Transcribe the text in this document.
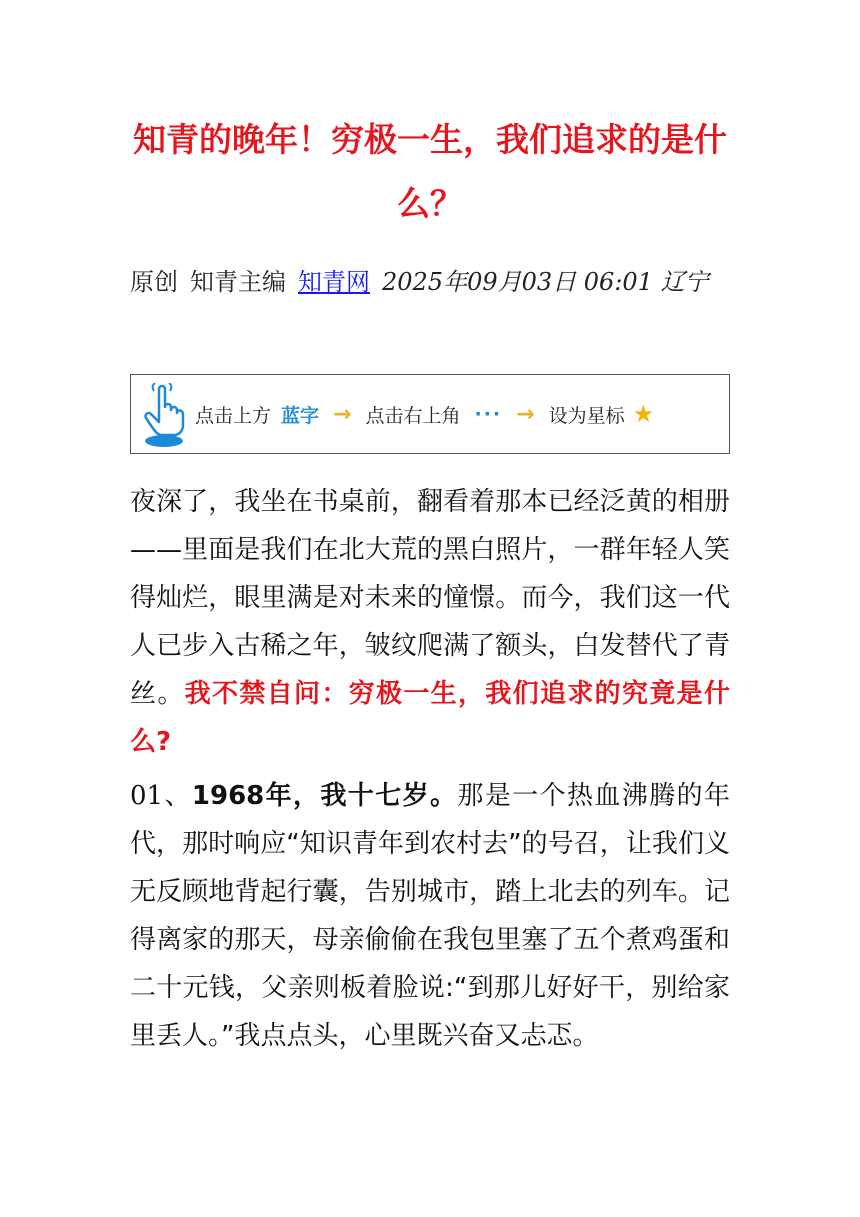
知青的晚年！穷极一生，我们追求的是什么？
原创 知青主编 知青网 2025年09月03日 06:01 辽宁
点击上方 蓝字 → 点击右上角 ··· → 设为星标 ★

夜深了，我坐在书桌前，翻看着那本已经泛黄的相册——里面是我们在北大荒的黑白照片，一群年轻人笑得灿烂，眼里满是对未来的憧憬。而今，我们这一代人已步入古稀之年，皱纹爬满了额头，白发替代了青丝。我不禁自问：穷极一生，我们追求的究竟是什么?

01、1968年，我十七岁。那是一个热血沸腾的年代，那时响应“知识青年到农村去”的号召，让我们义无反顾地背起行囊，告别城市，踏上北去的列车。记得离家的那天，母亲偷偷在我包里塞了五个煮鸡蛋和二十元钱，父亲则板着脸说:“到那儿好好干，别给家里丢人。”我点点头，心里既兴奋又忐忑。
